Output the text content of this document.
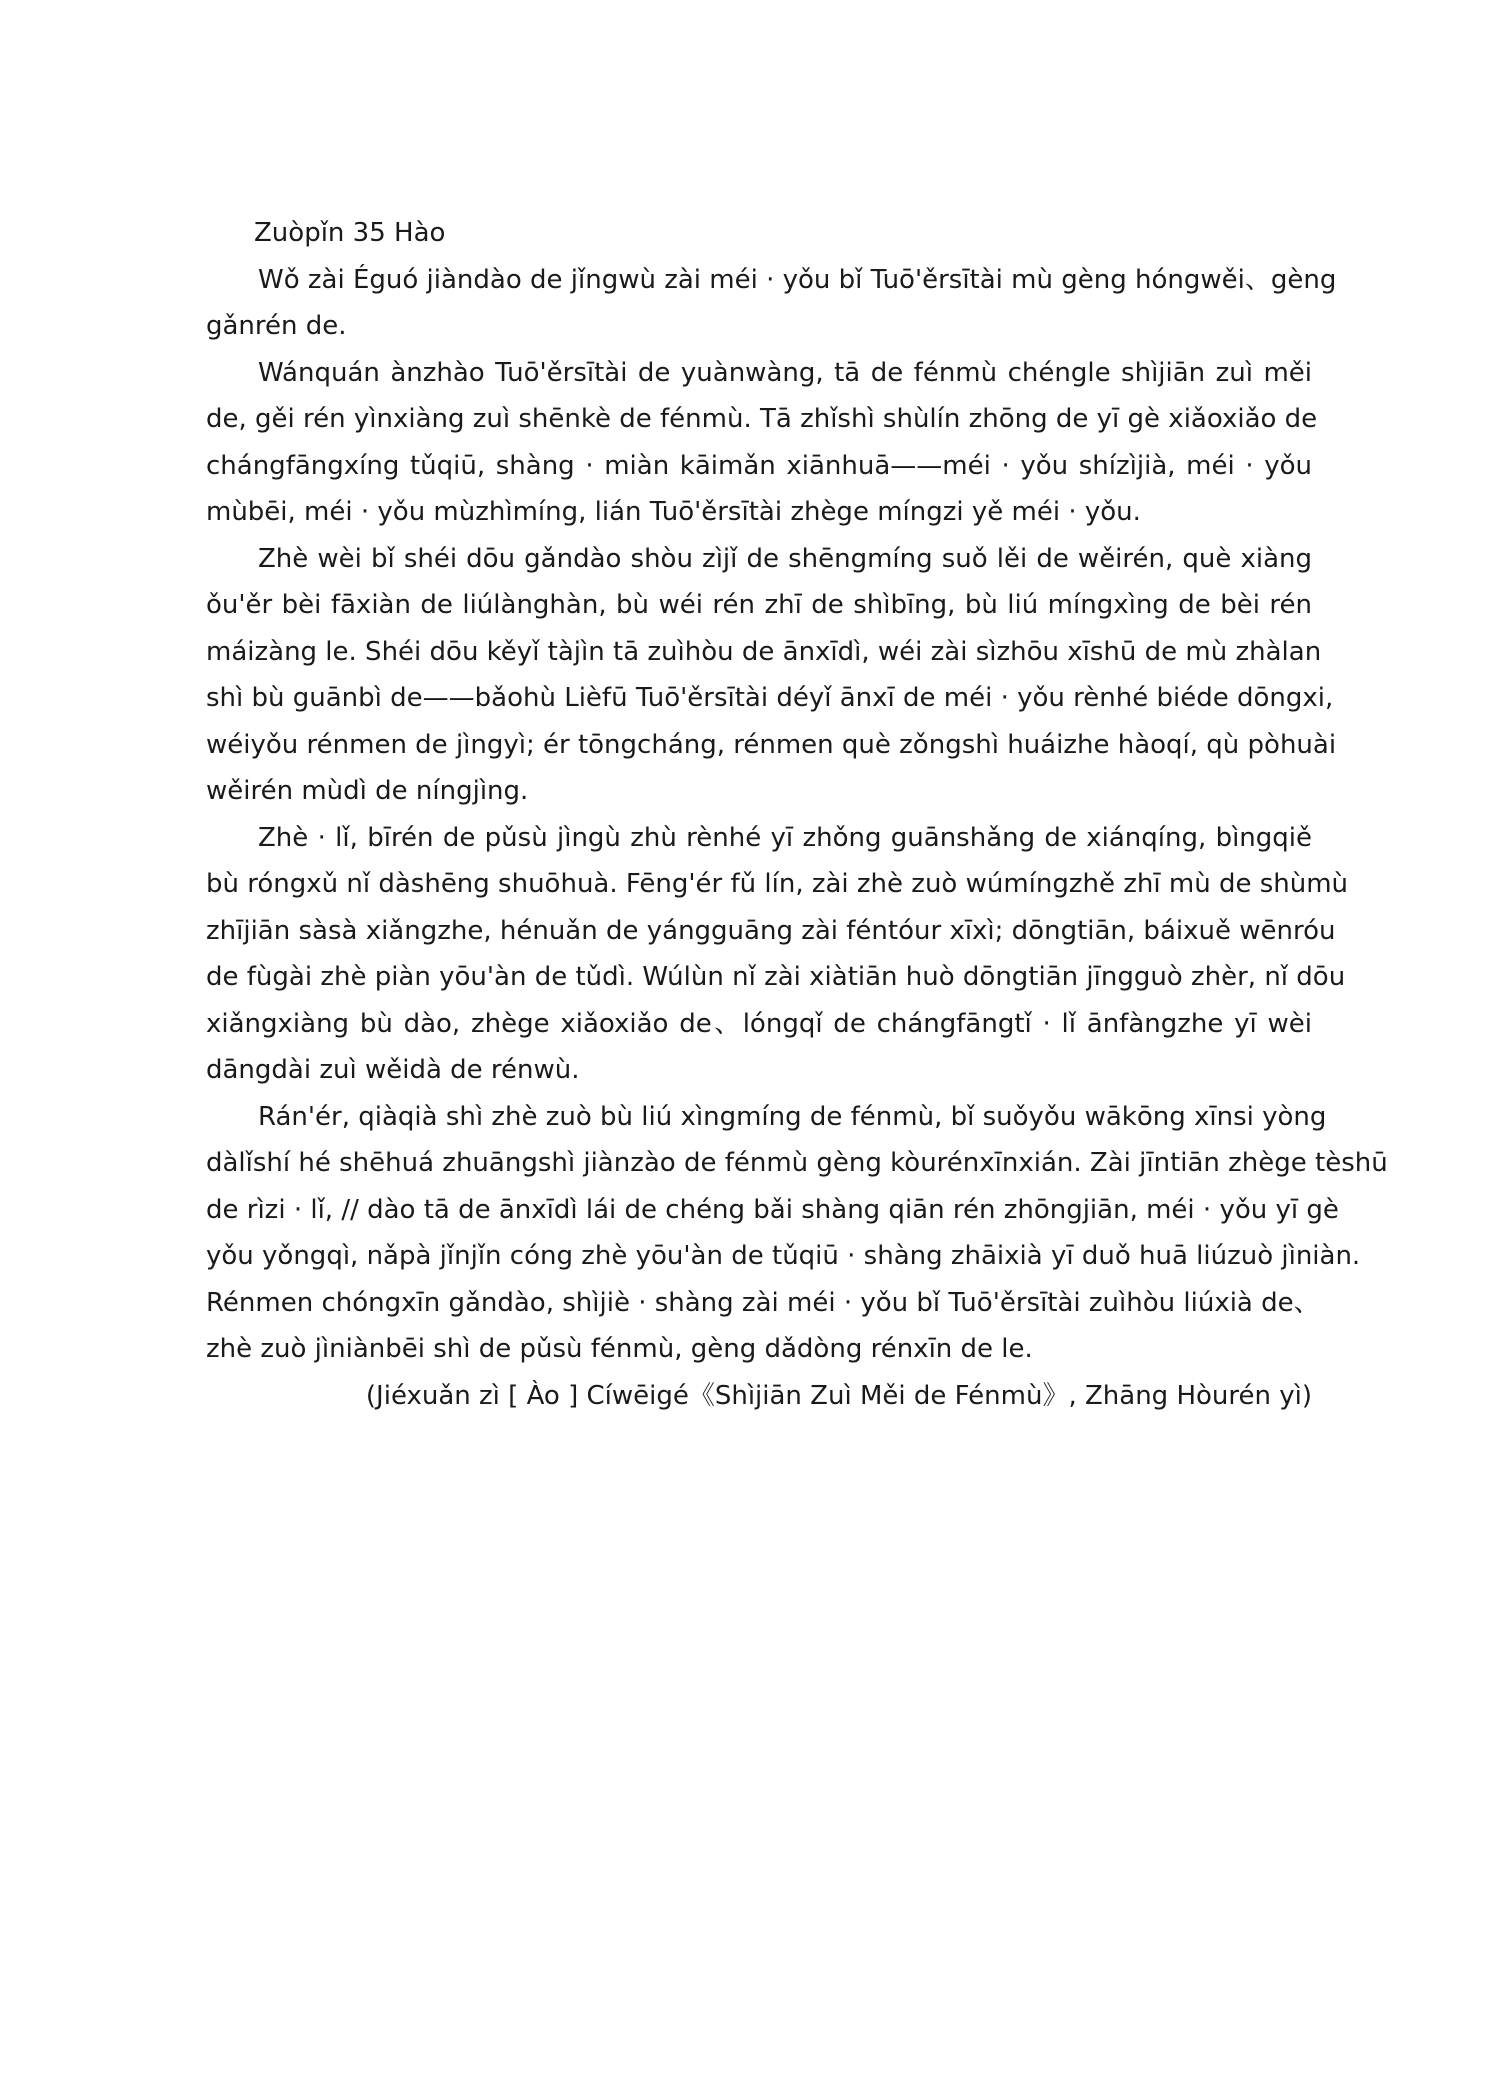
Zuòpǐn 35 Hào
Wǒ zài Éguó jiàndào de jǐngwù zài méi · yǒu bǐ Tuō'ěrsītài mù gèng hóngwěi、gèng
gǎnrén de.
Wánquán ànzhào Tuō'ěrsītài de yuànwàng, tā de fénmù chéngle shìjiān zuì měi
de, gěi rén yìnxiàng zuì shēnkè de fénmù. Tā zhǐshì shùlín zhōng de yī gè xiǎoxiǎo de
chángfāngxíng tǔqiū, shàng · miàn kāimǎn xiānhuā——méi · yǒu shízìjià, méi · yǒu
mùbēi, méi · yǒu mùzhìmíng, lián Tuō'ěrsītài zhège míngzi yě méi · yǒu.
Zhè wèi bǐ shéi dōu gǎndào shòu zìjǐ de shēngmíng suǒ lěi de wěirén, què xiàng
ǒu'ěr bèi fāxiàn de liúlànghàn, bù wéi rén zhī de shìbīng, bù liú míngxìng de bèi rén
máizàng le. Shéi dōu kěyǐ tàjìn tā zuìhòu de ānxīdì, wéi zài sìzhōu xīshū de mù zhàlan
shì bù guānbì de——bǎohù Lièfū Tuō'ěrsītài déyǐ ānxī de méi · yǒu rènhé biéde dōngxi,
wéiyǒu rénmen de jìngyì; ér tōngcháng, rénmen què zǒngshì huáizhe hàoqí, qù pòhuài
wěirén mùdì de níngjìng.
Zhè · lǐ, bīrén de pǔsù jìngù zhù rènhé yī zhǒng guānshǎng de xiánqíng, bìngqiě
bù róngxǔ nǐ dàshēng shuōhuà. Fēng'ér fǔ lín, zài zhè zuò wúmíngzhě zhī mù de shùmù
zhījiān sàsà xiǎngzhe, hénuǎn de yángguāng zài féntóur xīxì; dōngtiān, báixuě wēnróu
de fùgài zhè piàn yōu'àn de tǔdì. Wúlùn nǐ zài xiàtiān huò dōngtiān jīngguò zhèr, nǐ dōu
xiǎngxiàng bù dào, zhège xiǎoxiǎo de、lóngqǐ de chángfāngtǐ · lǐ ānfàngzhe yī wèi
dāngdài zuì wěidà de rénwù.
Rán'ér, qiàqià shì zhè zuò bù liú xìngmíng de fénmù, bǐ suǒyǒu wākōng xīnsi yòng
dàlǐshí hé shēhuá zhuāngshì jiànzào de fénmù gèng kòurénxīnxián. Zài jīntiān zhège tèshū
de rìzi · lǐ, // dào tā de ānxīdì lái de chéng bǎi shàng qiān rén zhōngjiān, méi · yǒu yī gè
yǒu yǒngqì, nǎpà jǐnjǐn cóng zhè yōu'àn de tǔqiū · shàng zhāixià yī duǒ huā liúzuò jìniàn.
Rénmen chóngxīn gǎndào, shìjiè · shàng zài méi · yǒu bǐ Tuō'ěrsītài zuìhòu liúxià de、
zhè zuò jìniànbēi shì de pǔsù fénmù, gèng dǎdòng rénxīn de le.
(Jiéxuǎn zì [ Ào ] Cíwēigé《Shìjiān Zuì Měi de Fénmù》, Zhāng Hòurén yì)
